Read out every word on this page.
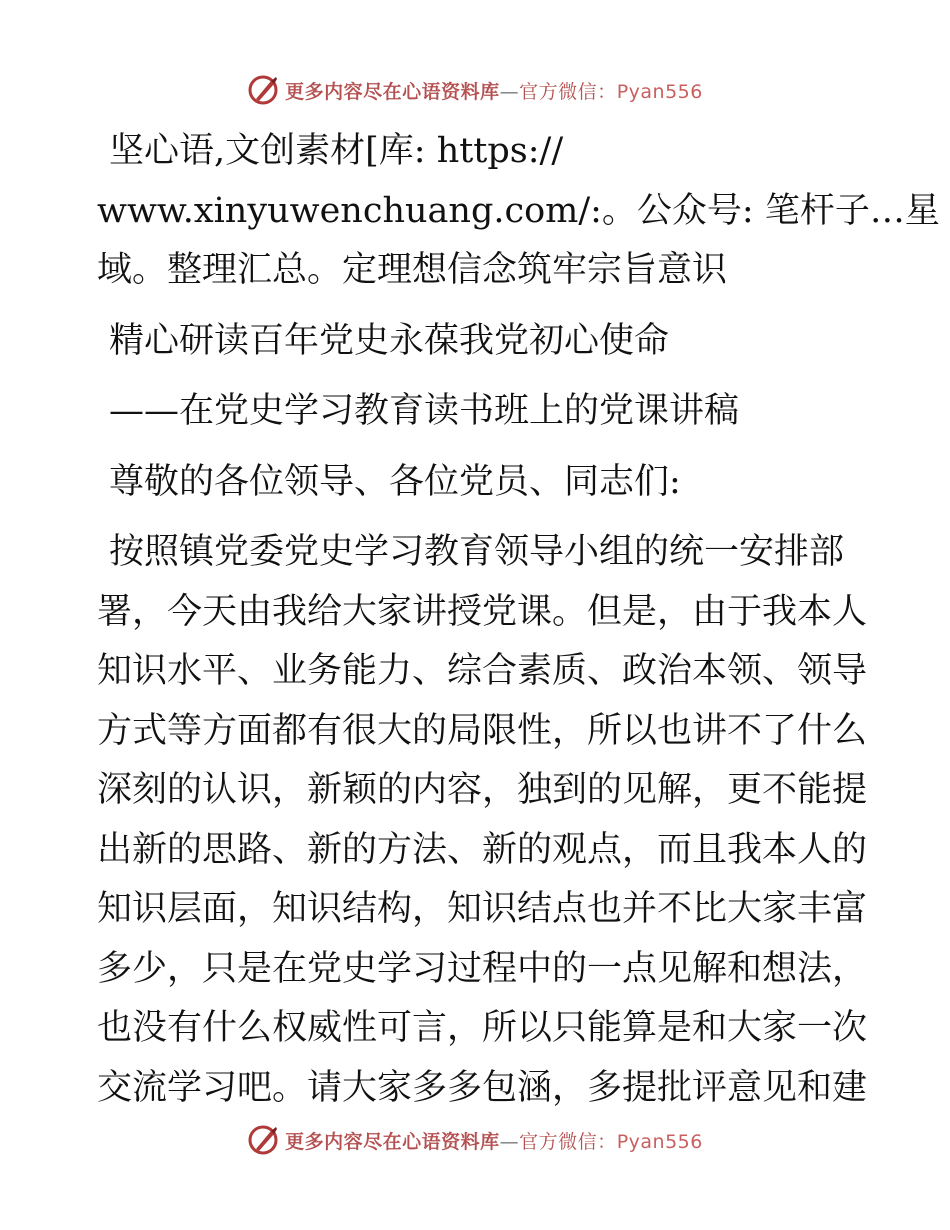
更多内容尽在心语资料库—官方微信：Pyan556

坚心语,文创素材[库: https://

www.xinyuwenchuang.com/:。公众号: 笔杆子…星

域。整理汇总。定理想信念筑牢宗旨意识

精心研读百年党史永葆我党初心使命

——在党史学习教育读书班上的党课讲稿

尊敬的各位领导、各位党员、同志们:

按照镇党委党史学习教育领导小组的统一安排部

署，今天由我给大家讲授党课。但是，由于我本人

知识水平、业务能力、综合素质、政治本领、领导

方式等方面都有很大的局限性，所以也讲不了什么

深刻的认识，新颖的内容，独到的见解，更不能提

出新的思路、新的方法、新的观点，而且我本人的

知识层面，知识结构，知识结点也并不比大家丰富

多少，只是在党史学习过程中的一点见解和想法，

也没有什么权威性可言，所以只能算是和大家一次

交流学习吧。请大家多多包涵，多提批评意见和建

更多内容尽在心语资料库—官方微信：Pyan556
